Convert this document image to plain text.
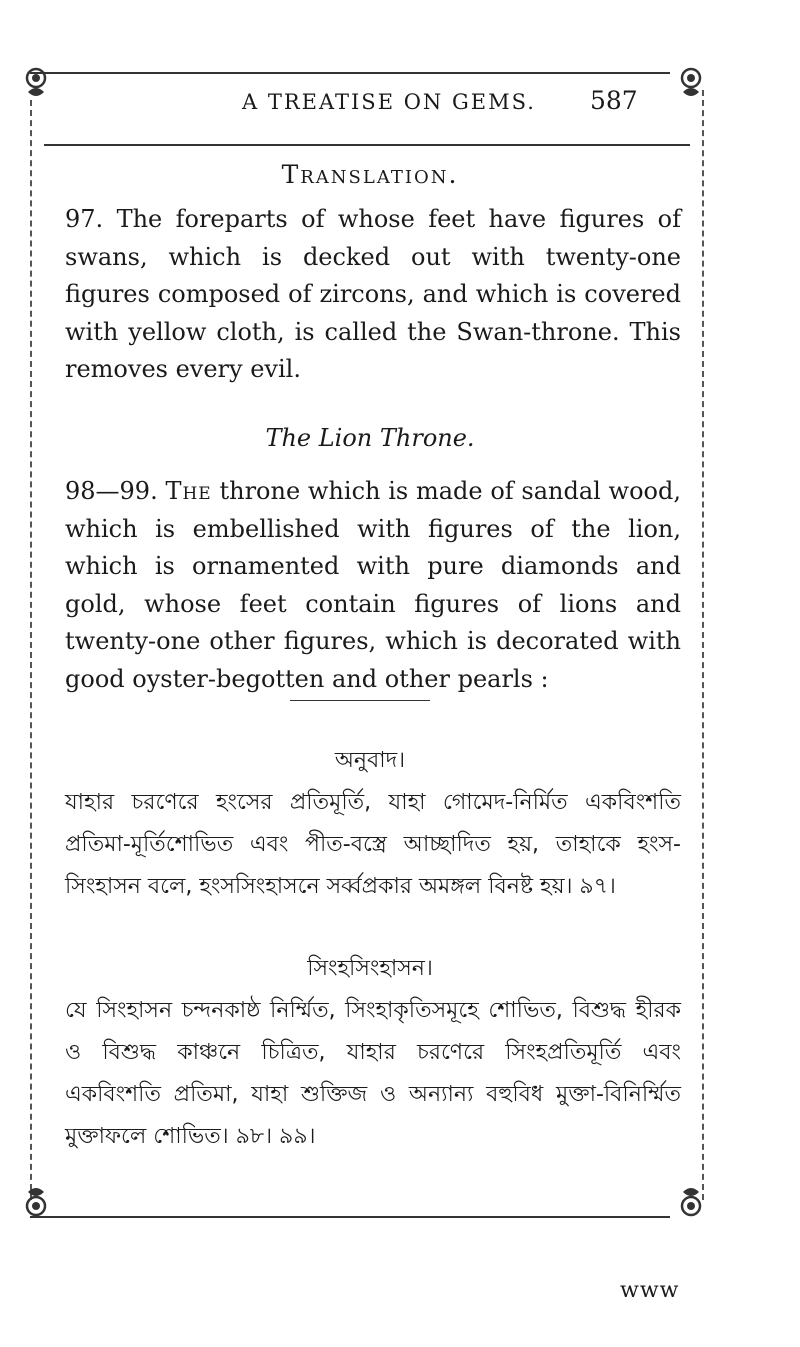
A TREATISE ON GEMS. 587
Translation.
97. The foreparts of whose feet have figures of swans, which is decked out with twenty-one figures composed of zircons, and which is covered with yellow cloth, is called the Swan-throne. This removes every evil.
The Lion Throne.
98—99. The throne which is made of sandal wood, which is embellished with figures of the lion, which is ornamented with pure diamonds and gold, whose feet contain figures of lions and twenty-one other figures, which is decorated with good oyster-begotten and other pearls :
অনুবাদ।
যাহার চরণেরে হংসের প্রতিমূর্তি, যাহা গোমেদ-নির্মিত একবিংশতি প্রতিমা-মূর্তিশোভিত এবং পীত-বস্ত্রে আচ্ছাদিত হয়, তাহাকে হংস-সিংহাসন বলে, হংসসিংহাসনে সর্ব্বপ্রকার অমঙ্গল বিনষ্ট হয়। ৯৭।
সিংহসিংহাসন।
যে সিংহাসন চন্দনকাষ্ঠ নির্ম্মিত, সিংহাকৃতিসমূহে শোভিত, বিশুদ্ধ হীরক ও বিশুদ্ধ কাঞ্চনে চিত্রিত, যাহার চরণেরে সিংহপ্রতিমূর্তি এবং একবিংশতি প্রতিমা, যাহা শুক্তিজ ও অন্যান্য বহুবিধ মুক্তা-বিনির্ম্মিত মুক্তাফলে শোভিত। ৯৮। ৯৯।
www
